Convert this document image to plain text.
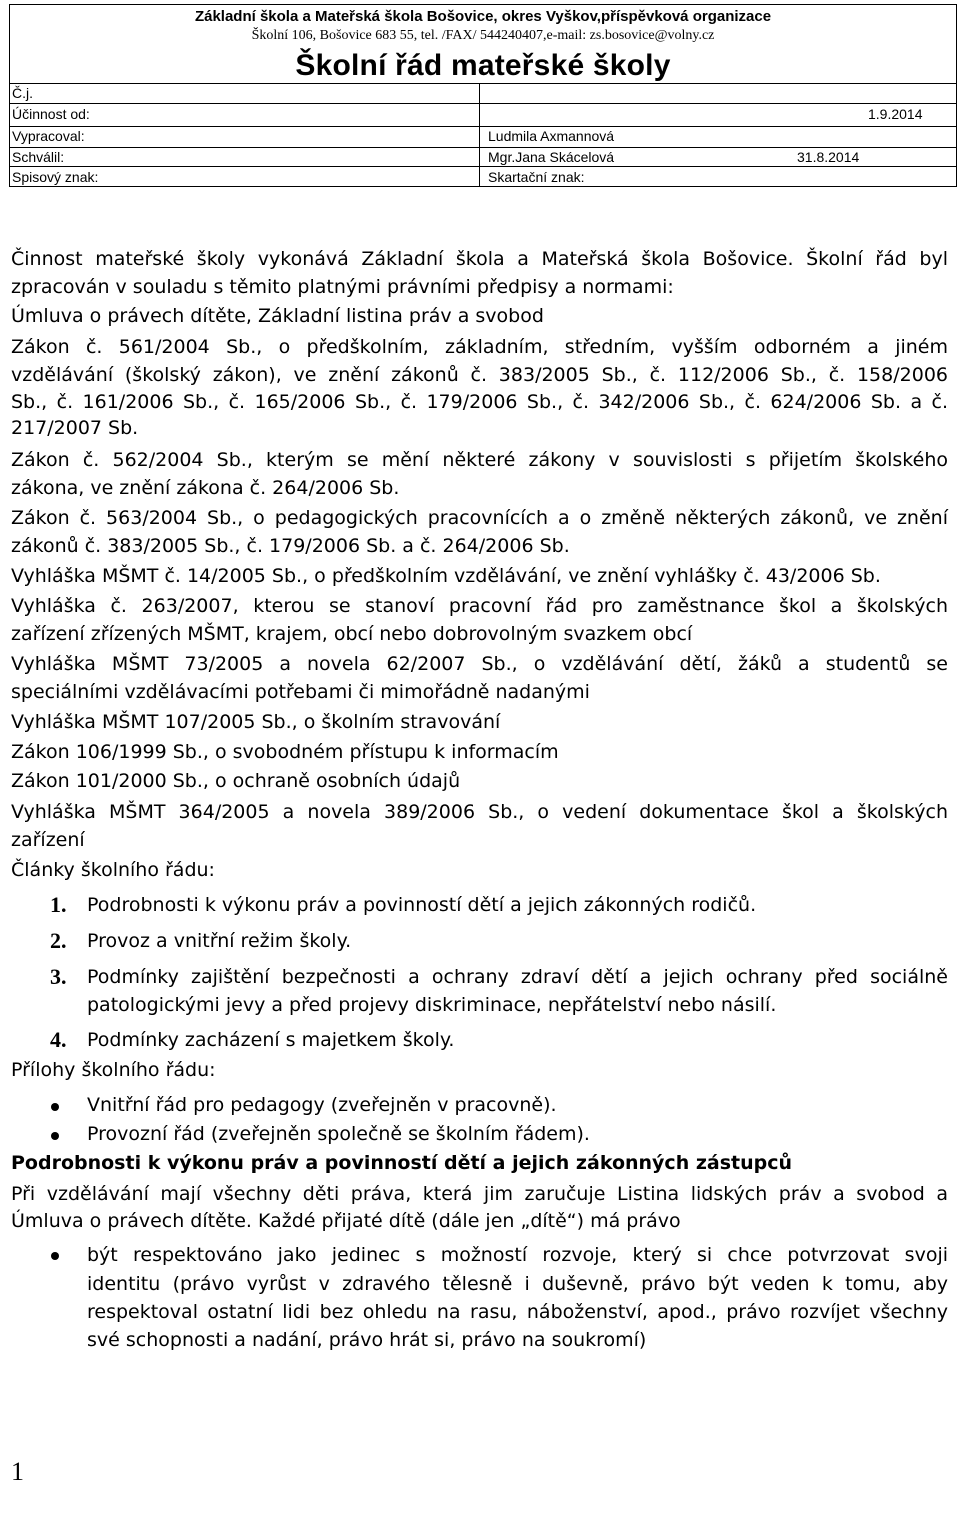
Základní škola a Mateřská škola Bošovice, okres Vyškov,příspěvková organizace
Školní 106, Bošovice 683 55, tel. /FAX/ 544240407,e-mail: zs.bosovice@volny.cz
Školní řád mateřské školy
Č.j.
Účinnost od:	1.9.2014
Vypracoval:	Ludmila Axmannová
Schválil:	Mgr.Jana Skácelová	31.8.2014
Spisový znak:	Skartační znak:
Činnost mateřské školy vykonává Základní škola a Mateřská škola Bošovice. Školní řád byl
zpracován v souladu s těmito platnými právními předpisy a normami:
Úmluva o právech dítěte, Základní listina práv a svobod
Zákon č. 561/2004 Sb., o předškolním, základním, středním, vyšším odborném a jiném
vzdělávání (školský zákon), ve znění zákonů č. 383/2005 Sb., č. 112/2006 Sb., č. 158/2006
Sb., č. 161/2006 Sb., č. 165/2006 Sb., č. 179/2006 Sb., č. 342/2006 Sb., č. 624/2006 Sb. a č.
217/2007 Sb.
Zákon č. 562/2004 Sb., kterým se mění některé zákony v souvislosti s přijetím školského
zákona, ve znění zákona č. 264/2006 Sb.
Zákon č. 563/2004 Sb., o pedagogických pracovnících a o změně některých zákonů, ve znění
zákonů č. 383/2005 Sb., č. 179/2006 Sb. a č. 264/2006 Sb.
Vyhláška MŠMT č. 14/2005 Sb., o předškolním vzdělávání, ve znění vyhlášky č. 43/2006 Sb.
Vyhláška č. 263/2007, kterou se stanoví pracovní řád pro zaměstnance škol a školských
zařízení zřízených MŠMT, krajem, obcí nebo dobrovolným svazkem obcí
Vyhláška MŠMT 73/2005 a novela 62/2007 Sb., o vzdělávání dětí, žáků a studentů se
speciálními vzdělávacími potřebami či mimořádně nadanými
Vyhláška MŠMT 107/2005 Sb., o školním stravování
Zákon 106/1999 Sb., o svobodném přístupu k informacím
Zákon 101/2000 Sb., o ochraně osobních údajů
Vyhláška MŠMT 364/2005 a novela 389/2006 Sb., o vedení dokumentace škol a školských
zařízení
Články školního řádu:
1. Podrobnosti k výkonu práv a povinností dětí a jejich zákonných rodičů.
2. Provoz a vnitřní režim školy.
3. Podmínky zajištění bezpečnosti a ochrany zdraví dětí a jejich ochrany před sociálně
patologickými jevy a před projevy diskriminace, nepřátelství nebo násilí.
4. Podmínky zacházení s majetkem školy.
Přílohy školního řádu:
Vnitřní řád pro pedagogy (zveřejněn v pracovně).
Provozní řád (zveřejněn společně se školním řádem).
Podrobnosti k výkonu práv a povinností dětí a jejich zákonných zástupců
Při vzdělávání mají všechny děti práva, která jim zaručuje Listina lidských práv a svobod a
Úmluva o právech dítěte. Každé přijaté dítě (dále jen „dítě“) má právo
být respektováno jako jedinec s možností rozvoje, který si chce potvrzovat svoji
identitu (právo vyrůst v zdravého tělesně i duševně, právo být veden k tomu, aby
respektoval ostatní lidi bez ohledu na rasu, náboženství, apod., právo rozvíjet všechny
své schopnosti a nadání, právo hrát si, právo na soukromí)
1
